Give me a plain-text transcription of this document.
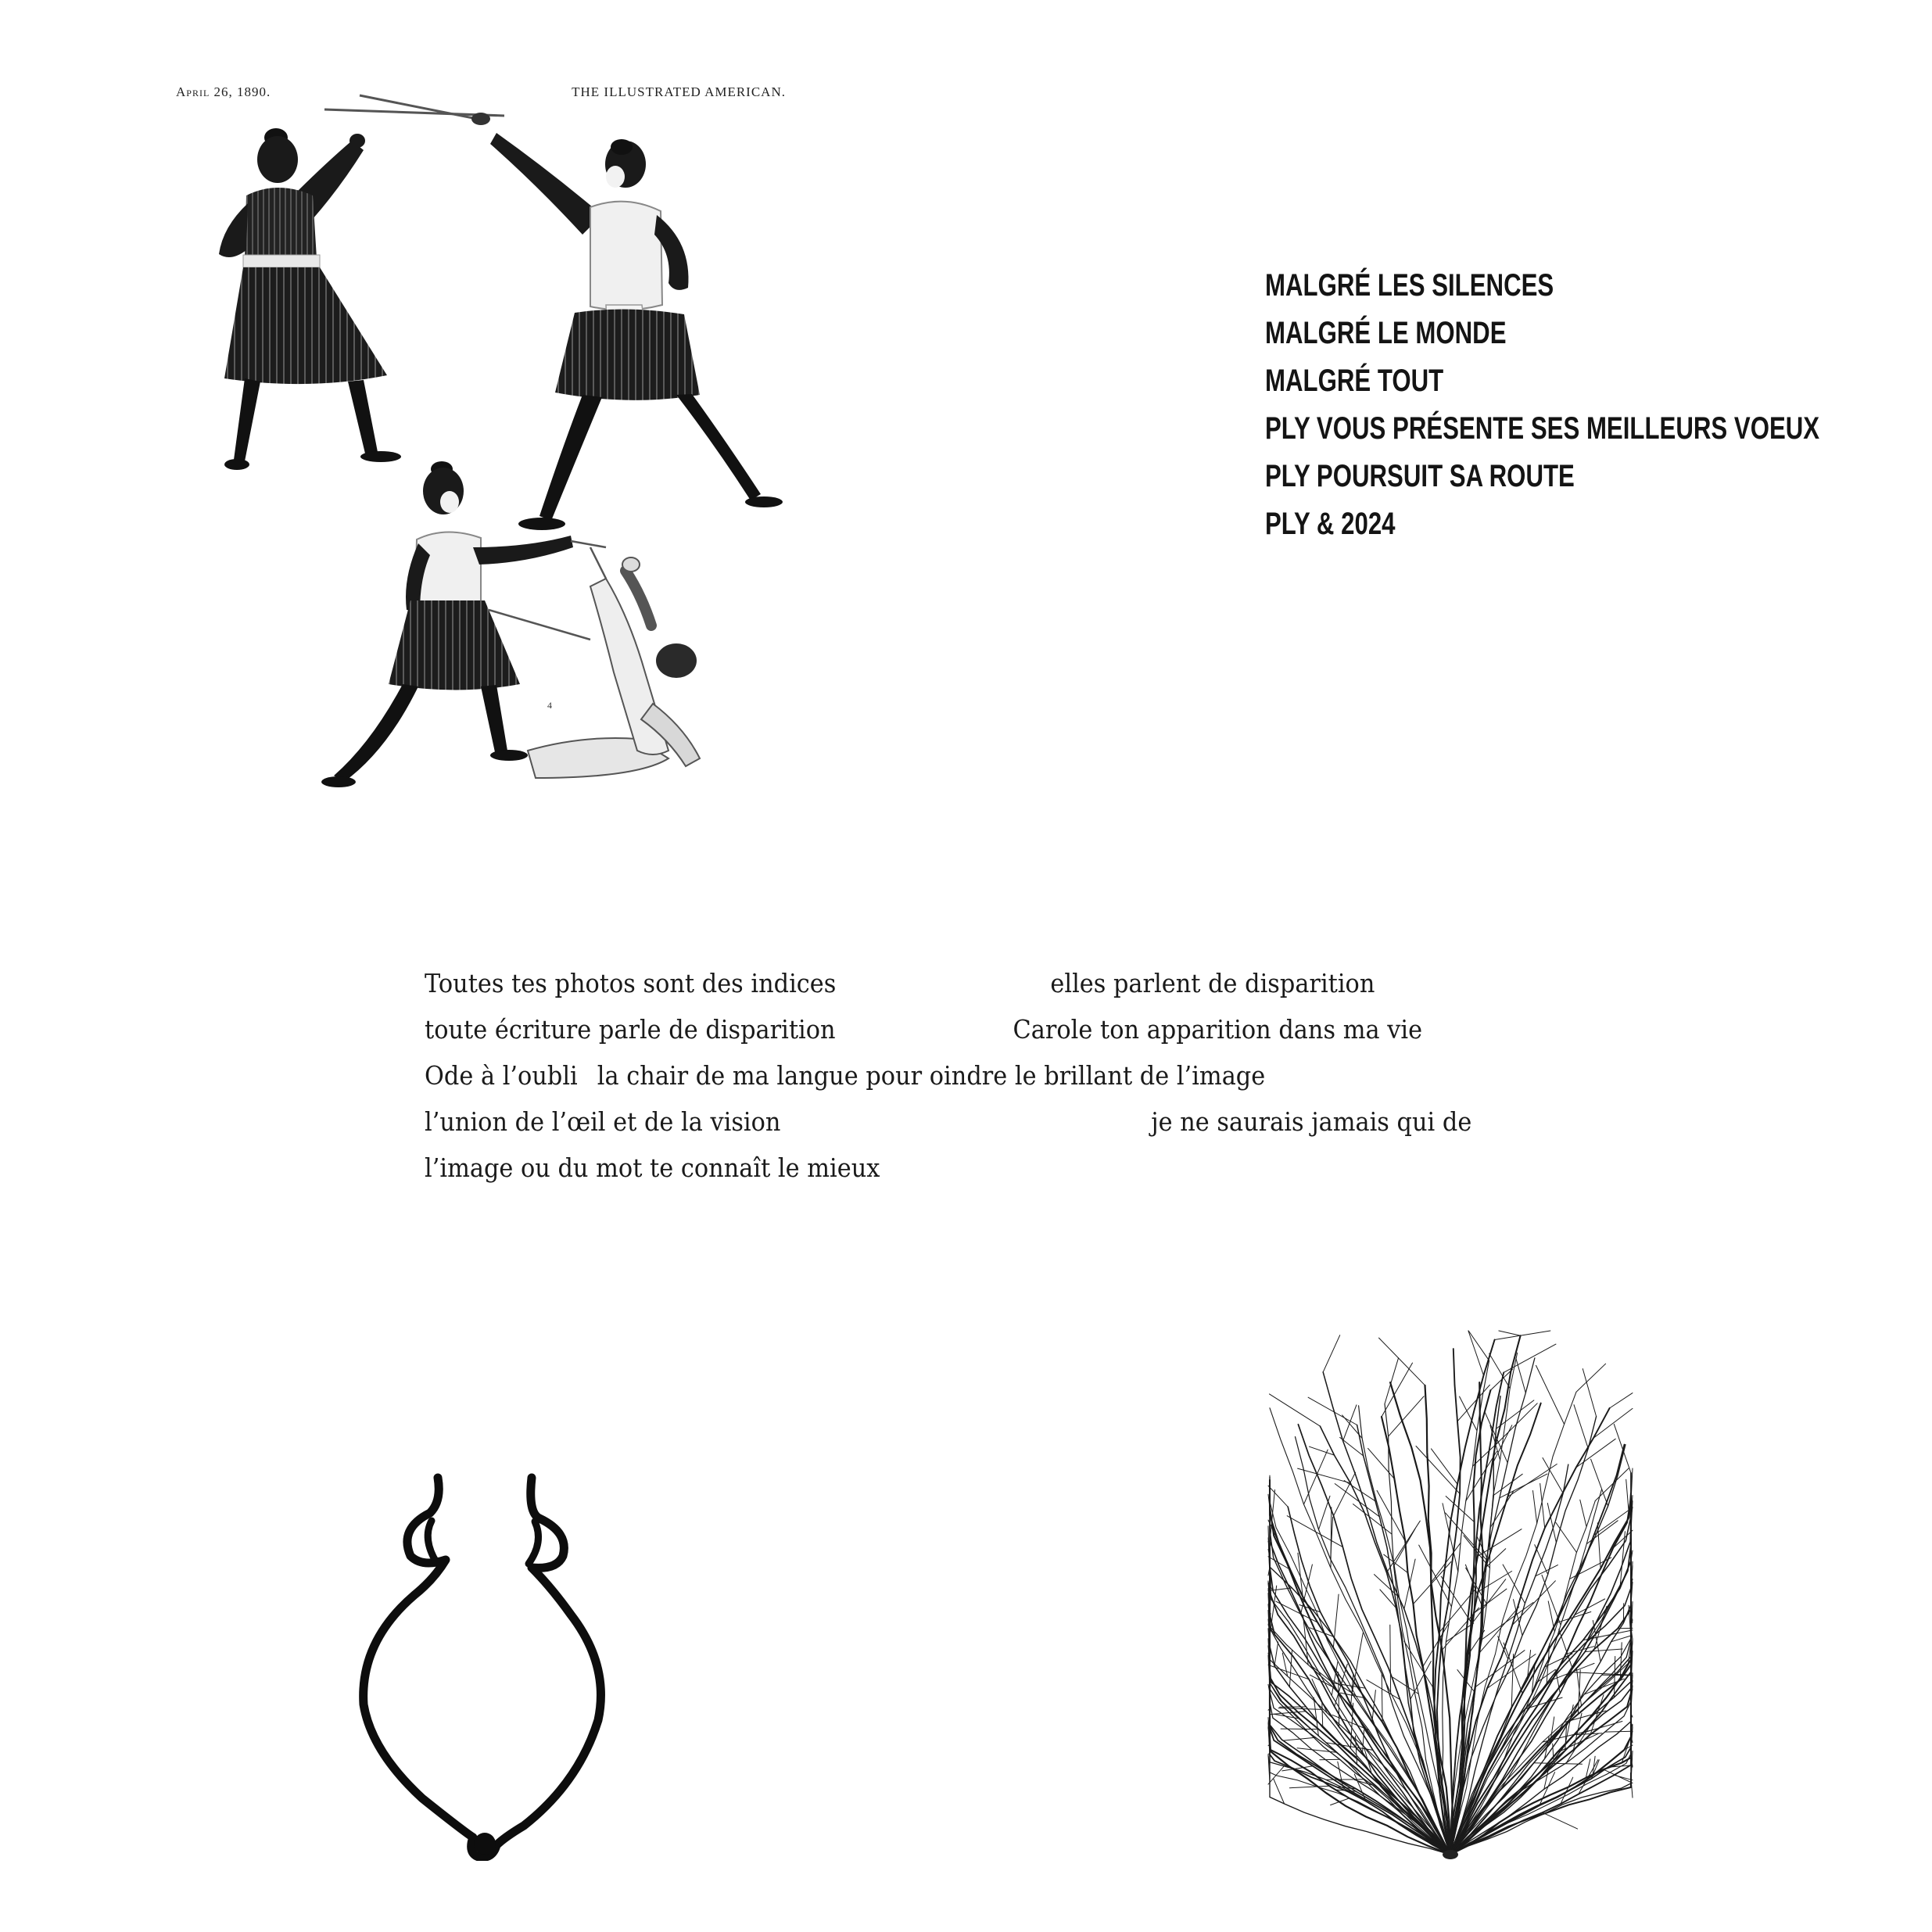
April 26, 1890.	THE ILLUSTRATED AMERICAN.
4
MALGRÉ LES SILENCES
MALGRÉ LE MONDE
MALGRÉ TOUT
PLY VOUS PRÉSENTE SES MEILLEURS VOEUX
PLY POURSUIT SA ROUTE
PLY & 2024
Toutes tes photos sont des indices	elles parlent de disparition
toute écriture parle de disparition	Carole ton apparition dans ma vie
Ode à l’oubli la chair de ma langue pour oindre le brillant de l’image
l’union de l’œil et de la vision	je ne saurais jamais qui de
l’image ou du mot te connaît le mieux
